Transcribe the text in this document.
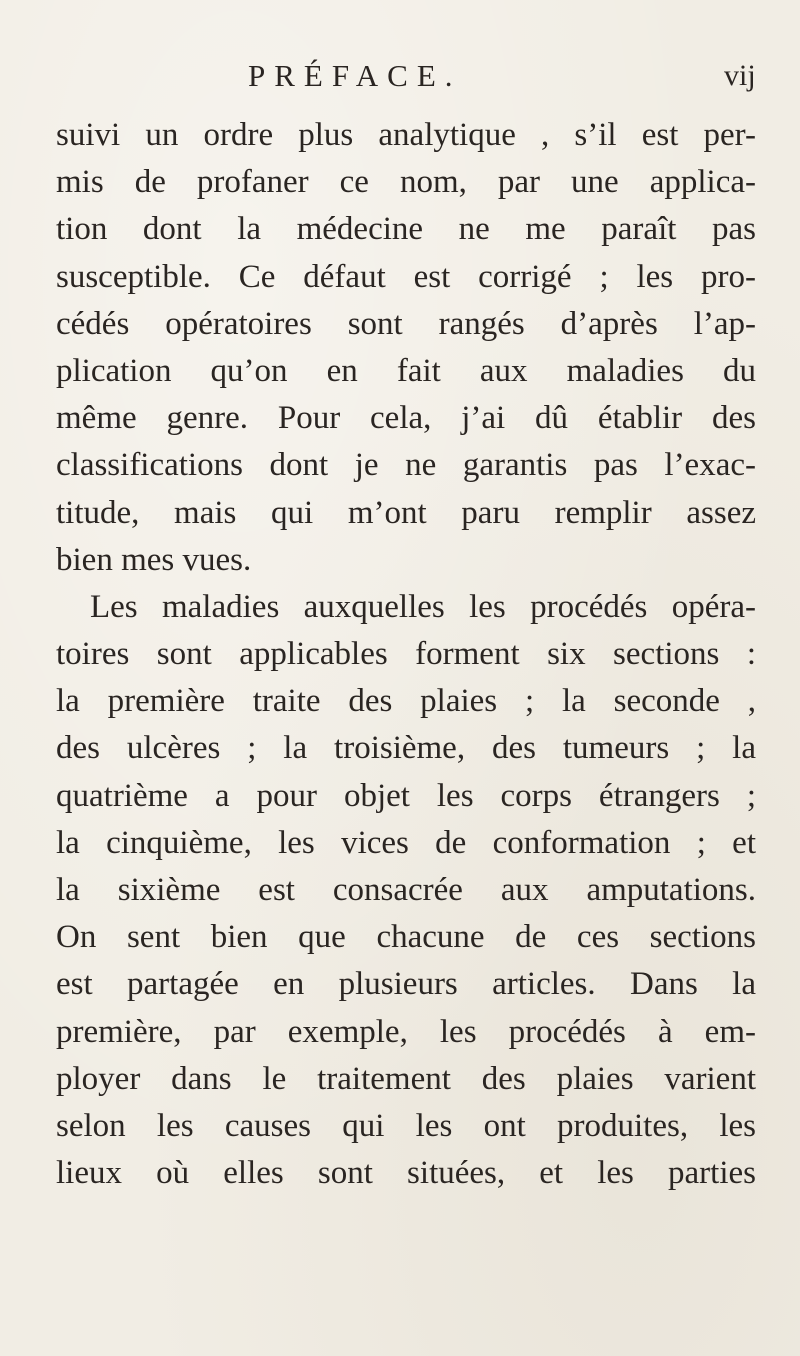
PRÉFACE.	vij
suivi un ordre plus analytique , s’il est per-
mis de profaner ce nom, par une applica-
tion dont la médecine ne me paraît pas
susceptible. Ce défaut est corrigé ; les pro-
cédés opératoires sont rangés d’après l’ap-
plication qu’on en fait aux maladies du
même genre. Pour cela, j’ai dû établir des
classifications dont je ne garantis pas l’exac-
titude, mais qui m’ont paru remplir assez
bien mes vues.
Les maladies auxquelles les procédés opéra-
toires sont applicables forment six sections :
la première traite des plaies ; la seconde ,
des ulcères ; la troisième, des tumeurs ; la
quatrième a pour objet les corps étrangers ;
la cinquième, les vices de conformation ; et
la sixième est consacrée aux amputations.
On sent bien que chacune de ces sections
est partagée en plusieurs articles. Dans la
première, par exemple, les procédés à em-
ployer dans le traitement des plaies varient
selon les causes qui les ont produites, les
lieux où elles sont situées, et les parties
